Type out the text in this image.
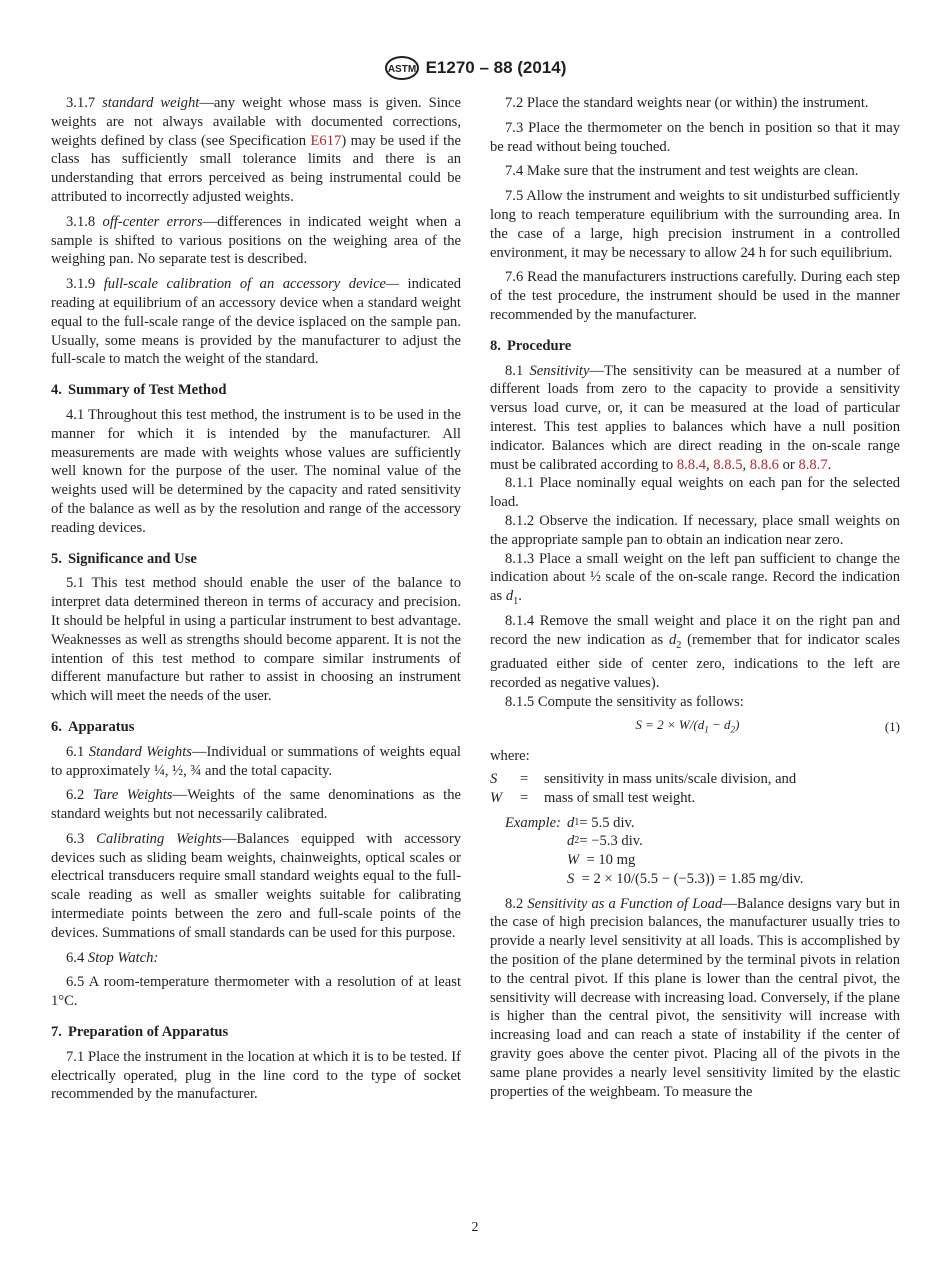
ASTM E1270 – 88 (2014)

3.1.7 standard weight—any weight whose mass is given. Since weights are not always available with documented corrections, weights defined by class (see Specification E617) may be used if the class has sufficiently small tolerance limits and there is an understanding that errors perceived as being instrumental could be attributed to incorrectly adjusted weights.

3.1.8 off-center errors—differences in indicated weight when a sample is shifted to various positions on the weighing area of the weighing pan. No separate test is described.

3.1.9 full-scale calibration of an accessory device— indicated reading at equilibrium of an accessory device when a standard weight equal to the full-scale range of the device isplaced on the sample pan. Usually, some means is provided by the manufacturer to adjust the full-scale to match the weight of the standard.

4. Summary of Test Method

4.1 Throughout this test method, the instrument is to be used in the manner for which it is intended by the manufacturer. All measurements are made with weights whose values are sufficiently well known for the purpose of the user. The nominal value of the weights used will be determined by the capacity and rated sensitivity of the balance as well as by the resolution and range of the accessory reading devices.

5. Significance and Use

5.1 This test method should enable the user of the balance to interpret data determined thereon in terms of accuracy and precision. It should be helpful in using a particular instrument to best advantage. Weaknesses as well as strengths should become apparent. It is not the intention of this test method to compare similar instruments of different manufacture but rather to assist in choosing an instrument which will meet the needs of the user.

6. Apparatus

6.1 Standard Weights—Individual or summations of weights equal to approximately ¼, ½, ¾ and the total capacity.

6.2 Tare Weights—Weights of the same denominations as the standard weights but not necessarily calibrated.

6.3 Calibrating Weights—Balances equipped with accessory devices such as sliding beam weights, chainweights, optical scales or electrical transducers require small standard weights equal to the full-scale reading as well as smaller weights suitable for calibrating intermediate points between the zero and full-scale points of the devices. Summations of small standards can be used for this purpose.

6.4 Stop Watch:

6.5 A room-temperature thermometer with a resolution of at least 1°C.

7. Preparation of Apparatus

7.1 Place the instrument in the location at which it is to be tested. If electrically operated, plug in the line cord to the type of socket recommended by the manufacturer.

7.2 Place the standard weights near (or within) the instrument.

7.3 Place the thermometer on the bench in position so that it may be read without being touched.

7.4 Make sure that the instrument and test weights are clean.

7.5 Allow the instrument and weights to sit undisturbed sufficiently long to reach temperature equilibrium with the surrounding area. In the case of a large, high precision instrument in a controlled environment, it may be necessary to allow 24 h for such equilibrium.

7.6 Read the manufacturers instructions carefully. During each step of the test procedure, the instrument should be used in the manner recommended by the manufacturer.

8. Procedure

8.1 Sensitivity—The sensitivity can be measured at a number of different loads from zero to the capacity to provide a sensitivity versus load curve, or, it can be measured at the load of particular interest. This test applies to balances which have a null position indicator. Balances which are direct reading in the on-scale range must be calibrated according to 8.8.4, 8.8.5, 8.8.6 or 8.8.7.

8.1.1 Place nominally equal weights on each pan for the selected load.

8.1.2 Observe the indication. If necessary, place small weights on the appropriate sample pan to obtain an indication near zero.

8.1.3 Place a small weight on the left pan sufficient to change the indication about ½ scale of the on-scale range. Record the indication as $d_1$.

8.1.4 Remove the small weight and place it on the right pan and record the new indication as $d_2$ (remember that for indicator scales graduated either side of center zero, indications to the left are recorded as negative values).

8.1.5 Compute the sensitivity as follows:

$S = 2 \times W/(d_1 - d_2)$	(1)

where:

S	=	sensitivity in mass units/scale division, and
W	=	mass of small test weight.
Example: d 1 = 5.5 div.
d 2 = −5.3 div.
W = 10 mg
S = 2 × 10/(5.5 − (−5.3)) = 1.85 mg/div.

8.2 Sensitivity as a Function of Load—Balance designs vary but in the case of high precision balances, the manufacturer usually tries to provide a nearly level sensitivity at all loads. This is accomplished by the position of the plane determined by the terminal pivots in relation to the central pivot. If this plane is lower than the central pivot, the sensitivity will decrease with increasing load. Conversely, if the plane is higher than the central pivot, the sensitivity will increase with increasing load and can reach a state of instability if the center of gravity goes above the center pivot. Placing all of the pivots in the same plane provides a nearly level sensitivity limited by the elastic properties of the weighbeam. To measure the

2
